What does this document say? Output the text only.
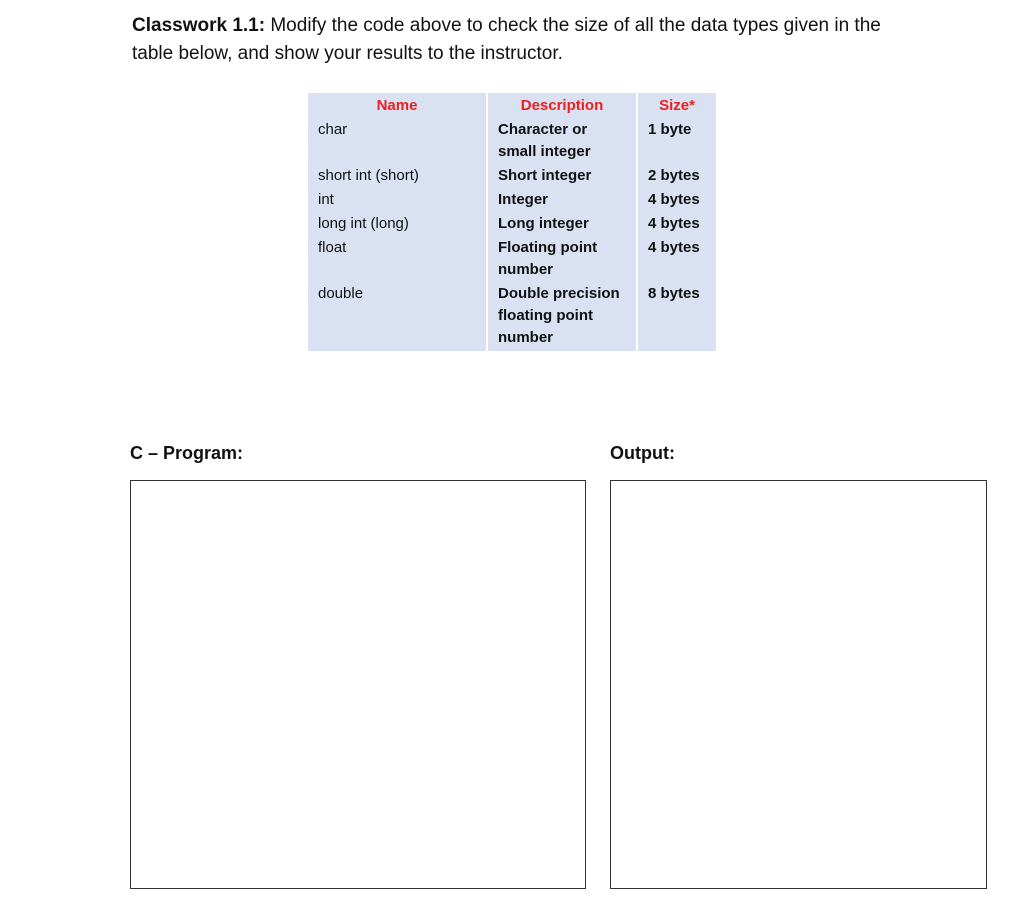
Classwork 1.1: Modify the code above to check the size of all the data types given in the table below, and show your results to the instructor.

Name	Description	Size*
char	Character or small integer	1 byte
short int (short)	Short integer	2 bytes
int	Integer	4 bytes
long int (long)	Long integer	4 bytes
float	Floating point number	4 bytes
double	Double precision floating point number	8 bytes
C – Program:	Output:
